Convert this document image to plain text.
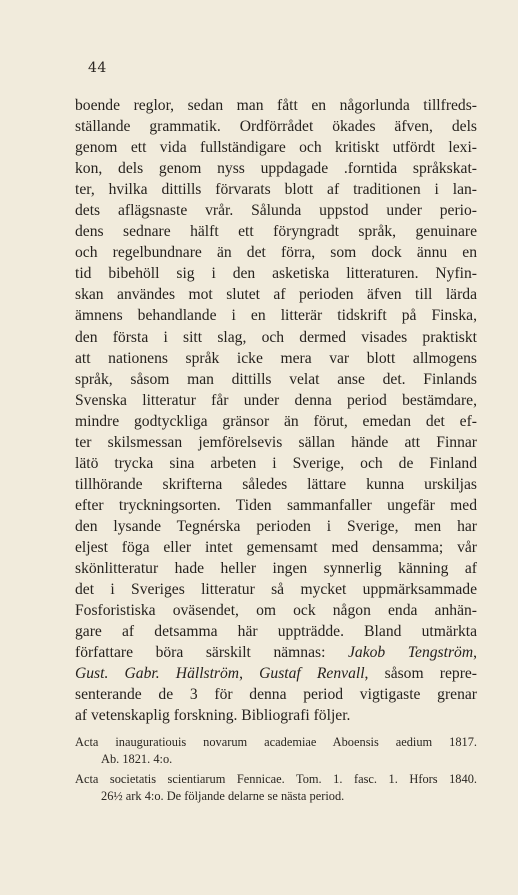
44
boende reglor, sedan man fått en någorlunda tillfreds-
ställande grammatik. Ordförrådet ökades äfven, dels
genom ett vida fullständigare och kritiskt utfördt lexi-
kon, dels genom nyss uppdagade .forntida språkskat-
ter, hvilka dittills förvarats blott af traditionen i lan-
dets aflägsnaste vrår. Sålunda uppstod under perio-
dens sednare hälft ett föryngradt språk, genuinare
och regelbundnare än det förra, som dock ännu en
tid bibehöll sig i den asketiska litteraturen. Nyfin-
skan användes mot slutet af perioden äfven till lärda
ämnens behandlande i en litterär tidskrift på Finska,
den första i sitt slag, och dermed visades praktiskt
att nationens språk icke mera var blott allmogens
språk, såsom man dittills velat anse det. Finlands
Svenska litteratur får under denna period bestämdare,
mindre godtyckliga gränsor än förut, emedan det ef-
ter skilsmessan jemförelsevis sällan hände att Finnar
lätö trycka sina arbeten i Sverige, och de Finland
tillhörande skrifterna således lättare kunna urskiljas
efter tryckningsorten. Tiden sammanfaller ungefär med
den lysande Tegnérska perioden i Sverige, men har
eljest föga eller intet gemensamt med densamma; vår
skönlitteratur hade heller ingen synnerlig känning af
det i Sveriges litteratur så mycket uppmärksammade
Fosforistiska oväsendet, om ock någon enda anhän-
gare af detsamma här uppträdde. Bland utmärkta
författare böra särskilt nämnas: Jakob Tengström,
Gust. Gabr. Hällström, Gustaf Renvall, såsom repre-
senterande de 3 för denna period vigtigaste grenar
af vetenskaplig forskning. Bibliografi följer.
Acta inauguratiouis novarum academiae Aboensis aedium 1817.
Ab. 1821. 4:o.
Acta societatis scientiarum Fennicae. Tom. 1. fasc. 1. Hfors 1840.
26½ ark 4:o. De följande delarne se nästa period.
